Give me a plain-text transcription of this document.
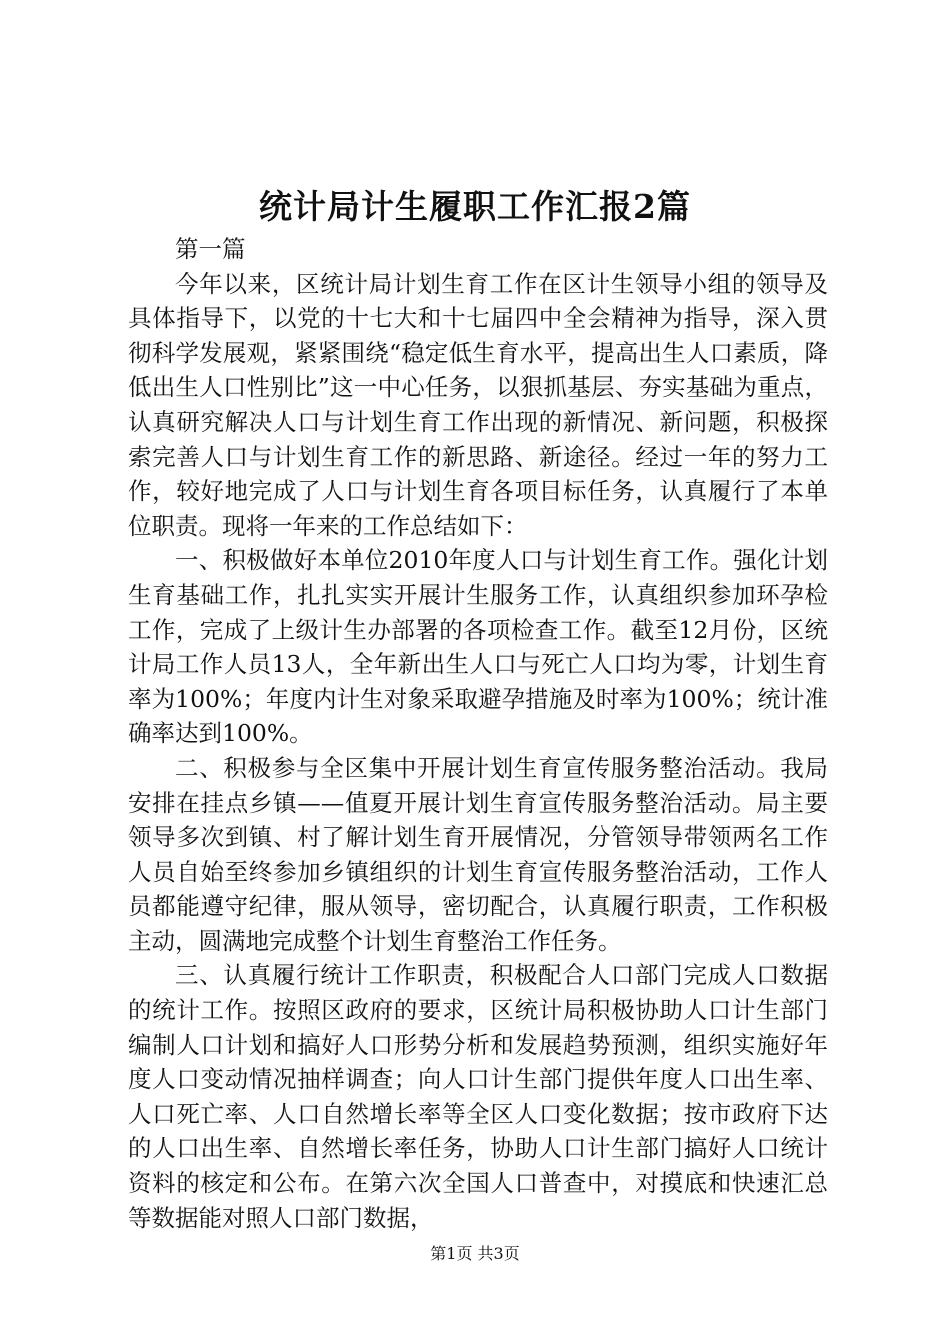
统计局计生履职工作汇报2篇

第一篇

今年以来，区统计局计划生育工作在区计生领导小组的领导及具体指导下，以党的十七大和十七届四中全会精神为指导，深入贯彻科学发展观，紧紧围绕“稳定低生育水平，提高出生人口素质，降低出生人口性别比”这一中心任务，以狠抓基层、夯实基础为重点，认真研究解决人口与计划生育工作出现的新情况、新问题，积极探索完善人口与计划生育工作的新思路、新途径。经过一年的努力工作，较好地完成了人口与计划生育各项目标任务，认真履行了本单位职责。现将一年来的工作总结如下：

一、积极做好本单位2010年度人口与计划生育工作。强化计划生育基础工作，扎扎实实开展计生服务工作，认真组织参加环孕检工作，完成了上级计生办部署的各项检查工作。截至12月份，区统计局工作人员13人，全年新出生人口与死亡人口均为零，计划生育率为100%；年度内计生对象采取避孕措施及时率为100%；统计准确率达到100%。

二、积极参与全区集中开展计划生育宣传服务整治活动。我局安排在挂点乡镇——值夏开展计划生育宣传服务整治活动。局主要领导多次到镇、村了解计划生育开展情况，分管领导带领两名工作人员自始至终参加乡镇组织的计划生育宣传服务整治活动，工作人员都能遵守纪律，服从领导，密切配合，认真履行职责，工作积极主动，圆满地完成整个计划生育整治工作任务。

三、认真履行统计工作职责，积极配合人口部门完成人口数据的统计工作。按照区政府的要求，区统计局积极协助人口计生部门编制人口计划和搞好人口形势分析和发展趋势预测，组织实施好年度人口变动情况抽样调查；向人口计生部门提供年度人口出生率、人口死亡率、人口自然增长率等全区人口变化数据；按市政府下达的人口出生率、自然增长率任务，协助人口计生部门搞好人口统计资料的核定和公布。在第六次全国人口普查中，对摸底和快速汇总等数据能对照人口部门数据，

第1页 共3页
